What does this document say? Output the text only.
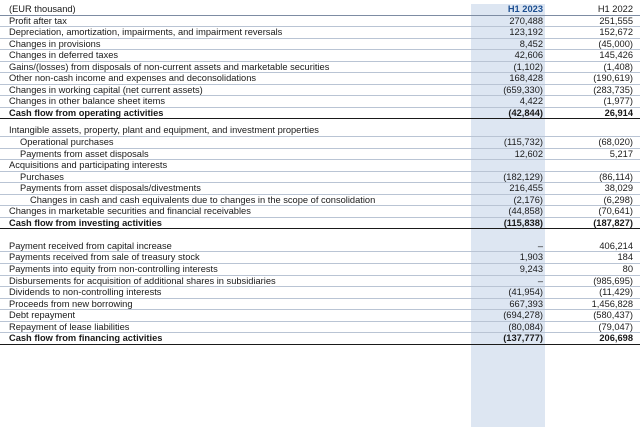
(EUR thousand)	H1 2023	H1 2022
Profit after tax	270,488	251,555
Depreciation, amortization, impairments, and impairment reversals	123,192	152,672
Changes in provisions	8,452	(45,000)
Changes in deferred taxes	42,606	145,426
Gains/(losses) from disposals of non-current assets and marketable securities	(1,102)	(1,408)
Other non-cash income and expenses and deconsolidations	168,428	(190,619)
Changes in working capital (net current assets)	(659,330)	(283,735)
Changes in other balance sheet items	4,422	(1,977)
Cash flow from operating activities	(42,844)	26,914
Intangible assets, property, plant and equipment, and investment properties
Operational purchases	(115,732)	(68,020)
Payments from asset disposals	12,602	5,217
Acquisitions and participating interests
Purchases	(182,129)	(86,114)
Payments from asset disposals/divestments	216,455	38,029
Changes in cash and cash equivalents due to changes in the scope of consolidation	(2,176)	(6,298)
Changes in marketable securities and financial receivables	(44,858)	(70,641)
Cash flow from investing activities	(115,838)	(187,827)
Payment received from capital increase	–	406,214
Payments received from sale of treasury stock	1,903	184
Payments into equity from non-controlling interests	9,243	80
Disbursements for acquisition of additional shares in subsidiaries	–	(985,695)
Dividends to non-controlling interests	(41,954)	(11,429)
Proceeds from new borrowing	667,393	1,456,828
Debt repayment	(694,278)	(580,437)
Repayment of lease liabilities	(80,084)	(79,047)
Cash flow from financing activities	(137,777)	206,698
